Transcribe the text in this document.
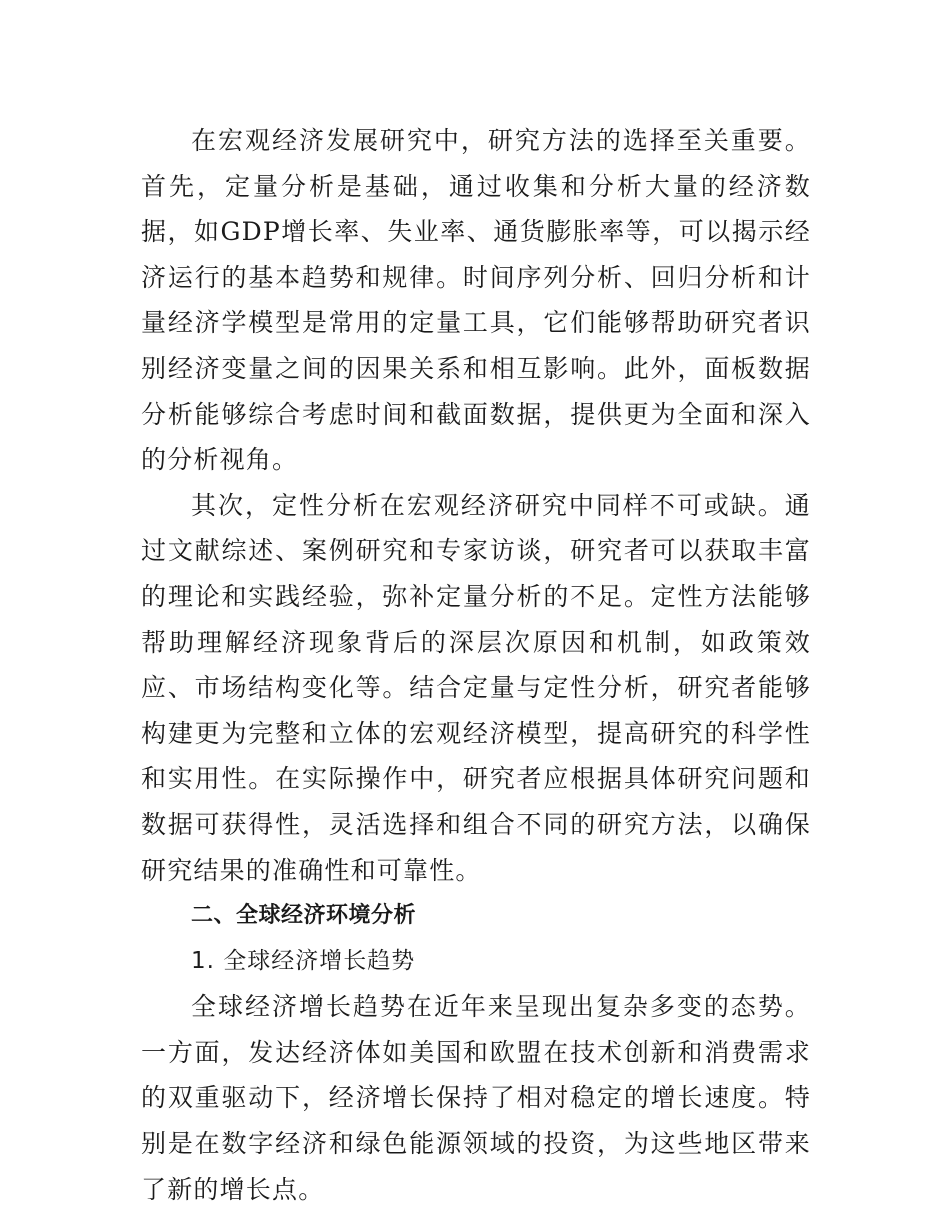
在宏观经济发展研究中，研究方法的选择至关重要。首先，定量分析是基础，通过收集和分析大量的经济数据，如GDP增长率、失业率、通货膨胀率等，可以揭示经济运行的基本趋势和规律。时间序列分析、回归分析和计量经济学模型是常用的定量工具，它们能够帮助研究者识别经济变量之间的因果关系和相互影响。此外，面板数据分析能够综合考虑时间和截面数据，提供更为全面和深入的分析视角。

其次，定性分析在宏观经济研究中同样不可或缺。通过文献综述、案例研究和专家访谈，研究者可以获取丰富的理论和实践经验，弥补定量分析的不足。定性方法能够帮助理解经济现象背后的深层次原因和机制，如政策效应、市场结构变化等。结合定量与定性分析，研究者能够构建更为完整和立体的宏观经济模型，提高研究的科学性和实用性。在实际操作中，研究者应根据具体研究问题和数据可获得性，灵活选择和组合不同的研究方法，以确保研究结果的准确性和可靠性。

二、全球经济环境分析

1. 全球经济增长趋势

全球经济增长趋势在近年来呈现出复杂多变的态势。一方面，发达经济体如美国和欧盟在技术创新和消费需求的双重驱动下，经济增长保持了相对稳定的增长速度。特别是在数字经济和绿色能源领域的投资，为这些地区带来了新的增长点。
